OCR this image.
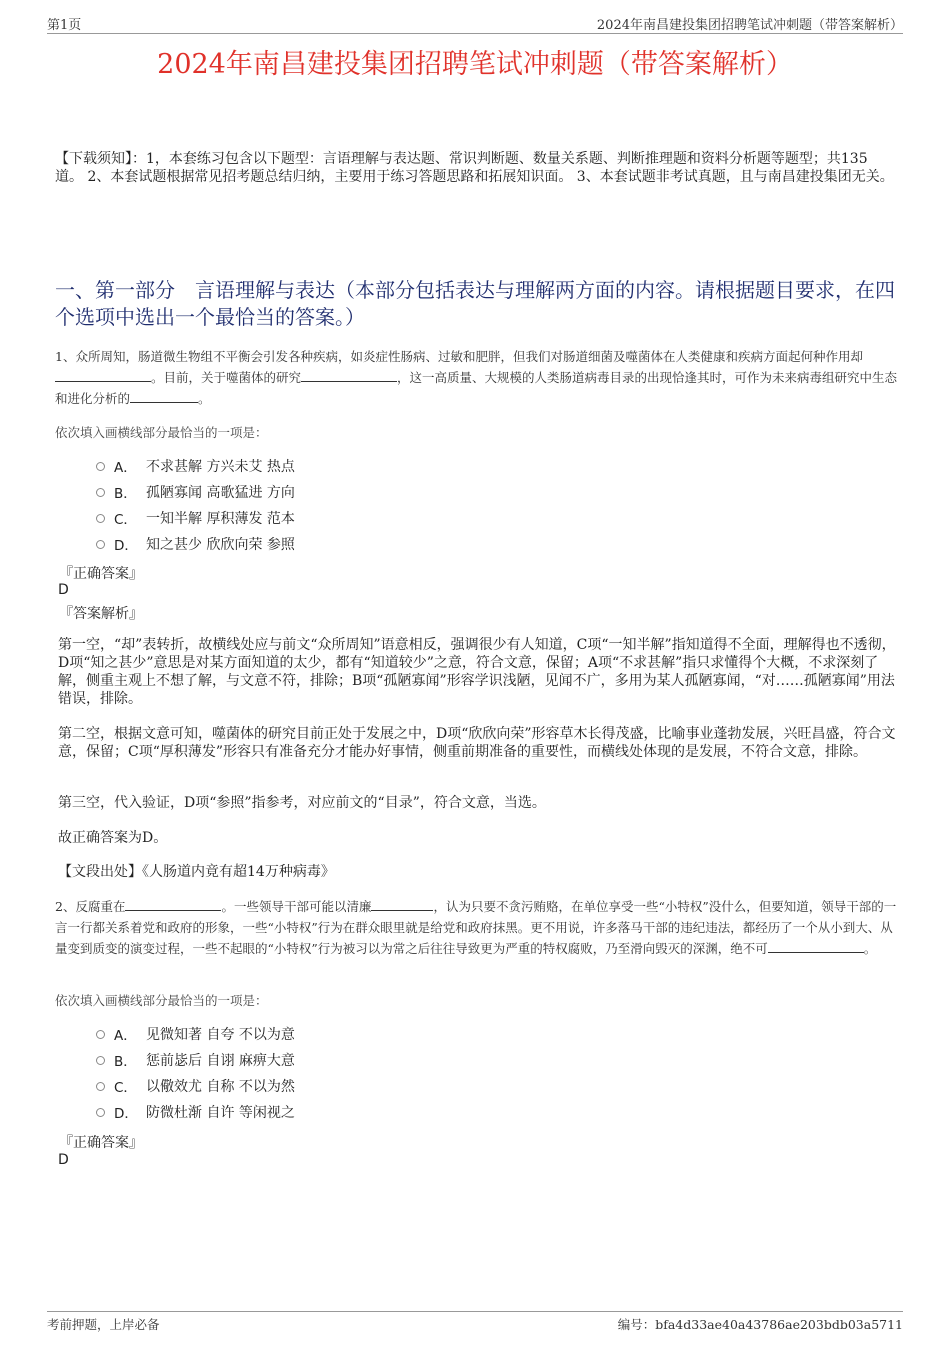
第1页	2024年南昌建投集团招聘笔试冲刺题（带答案解析）
2024年南昌建投集团招聘笔试冲刺题（带答案解析）
【下载须知】：1，本套练习包含以下题型：言语理解与表达题、常识判断题、数量关系题、判断推理题和资料分析题等题型；共135道。 2、本套试题根据常见招考题总结归纳，主要用于练习答题思路和拓展知识面。 3、本套试题非考试真题，且与南昌建投集团无关。
一、第一部分　言语理解与表达（本部分包括表达与理解两方面的内容。请根据题目要求，在四个选项中选出一个最恰当的答案。）
1、众所周知，肠道微生物组不平衡会引发各种疾病，如炎症性肠病、过敏和肥胖，但我们对肠道细菌及噬菌体在人类健康和疾病方面起何种作用却。目前，关于噬菌体的研究	，这一高质量、大规模的人类肠道病毒目录的出现恰逢其时，可作为未来病毒组研究中生态和进化分析的	。
依次填入画横线部分最恰当的一项是：
A． 不求甚解 方兴未艾 热点
B． 孤陋寡闻 高歌猛进 方向
C． 一知半解 厚积薄发 范本
D． 知之甚少 欣欣向荣 参照
『正确答案』
D
『答案解析』
第一空，“却”表转折，故横线处应与前文“众所周知”语意相反，强调很少有人知道，C项“一知半解”指知道得不全面，理解得也不透彻，D项“知之甚少”意思是对某方面知道的太少，都有“知道较少”之意，符合文意，保留；A项“不求甚解”指只求懂得个大概，不求深刻了解，侧重主观上不想了解，与文意不符，排除；B项“孤陋寡闻”形容学识浅陋，见闻不广，多用为某人孤陋寡闻，“对……孤陋寡闻”用法错误，排除。
第二空，根据文意可知，噬菌体的研究目前正处于发展之中，D项“欣欣向荣”形容草木长得茂盛，比喻事业蓬勃发展，兴旺昌盛，符合文意，保留；C项“厚积薄发”形容只有准备充分才能办好事情，侧重前期准备的重要性，而横线处体现的是发展，不符合文意，排除。
第三空，代入验证，D项“参照”指参考，对应前文的“目录”，符合文意，当选。
故正确答案为D。
【文段出处】《人肠道内竟有超14万种病毒》
2、反腐重在	。一些领导干部可能以清廉	，认为只要不贪污贿赂，在单位享受一些“小特权”没什么，但要知道，领导干部的一言一行都关系着党和政府的形象，一些“小特权”行为在群众眼里就是给党和政府抹黑。更不用说，许多落马干部的违纪违法，都经历了一个从小到大、从量变到质变的演变过程，一些不起眼的“小特权”行为被习以为常之后往往导致更为严重的特权腐败，乃至滑向毁灭的深渊，绝不可	。
依次填入画横线部分最恰当的一项是：
A． 见微知著 自夸 不以为意
B． 惩前毖后 自诩 麻痹大意
C． 以儆效尤 自称 不以为然
D． 防微杜渐 自许 等闲视之
『正确答案』
D
考前押题，上岸必备	编号：bfa4d33ae40a43786ae203bdb03a5711
